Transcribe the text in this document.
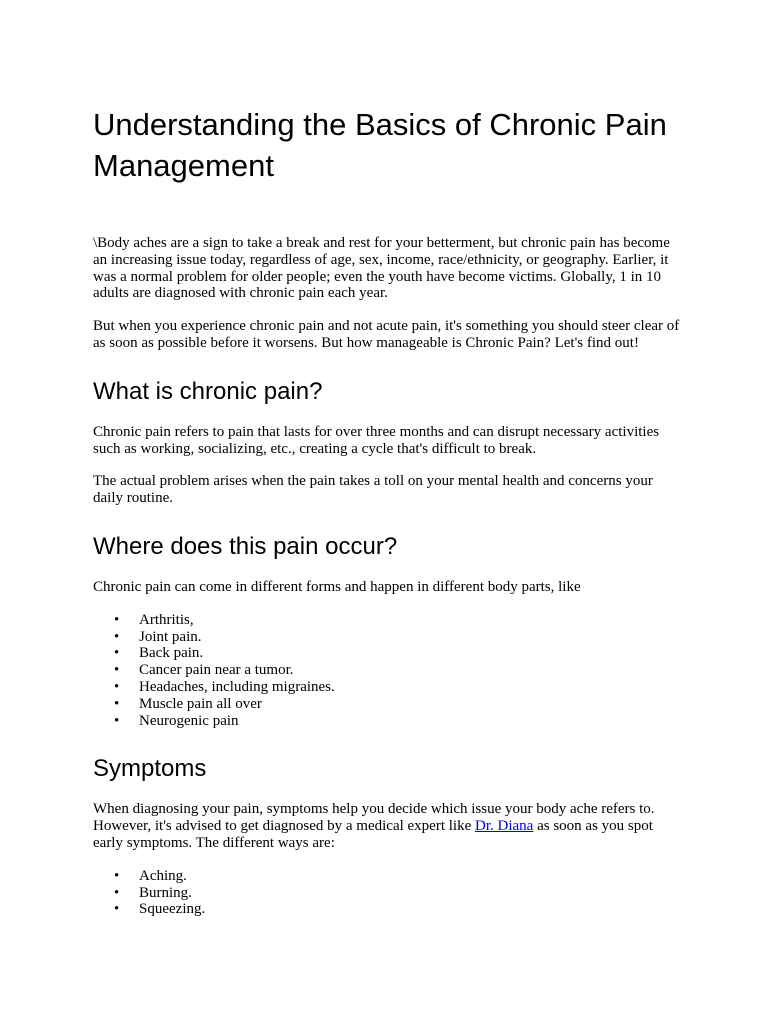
Understanding the Basics of Chronic Pain Management

\Body aches are a sign to take a break and rest for your betterment, but chronic pain has become an increasing issue today, regardless of age, sex, income, race/ethnicity, or geography. Earlier, it was a normal problem for older people; even the youth have become victims. Globally, 1 in 10 adults are diagnosed with chronic pain each year.

But when you experience chronic pain and not acute pain, it's something you should steer clear of as soon as possible before it worsens. But how manageable is Chronic Pain? Let's find out!

What is chronic pain?

Chronic pain refers to pain that lasts for over three months and can disrupt necessary activities such as working, socializing, etc., creating a cycle that's difficult to break.

The actual problem arises when the pain takes a toll on your mental health and concerns your daily routine.

Where does this pain occur?

Chronic pain can come in different forms and happen in different body parts, like

• Arthritis,
• Joint pain.
• Back pain.
• Cancer pain near a tumor.
• Headaches, including migraines.
• Muscle pain all over
• Neurogenic pain
Symptoms

When diagnosing your pain, symptoms help you decide which issue your body ache refers to. However, it's advised to get diagnosed by a medical expert like Dr. Diana as soon as you spot early symptoms. The different ways are:

• Aching.
• Burning.
• Squeezing.
